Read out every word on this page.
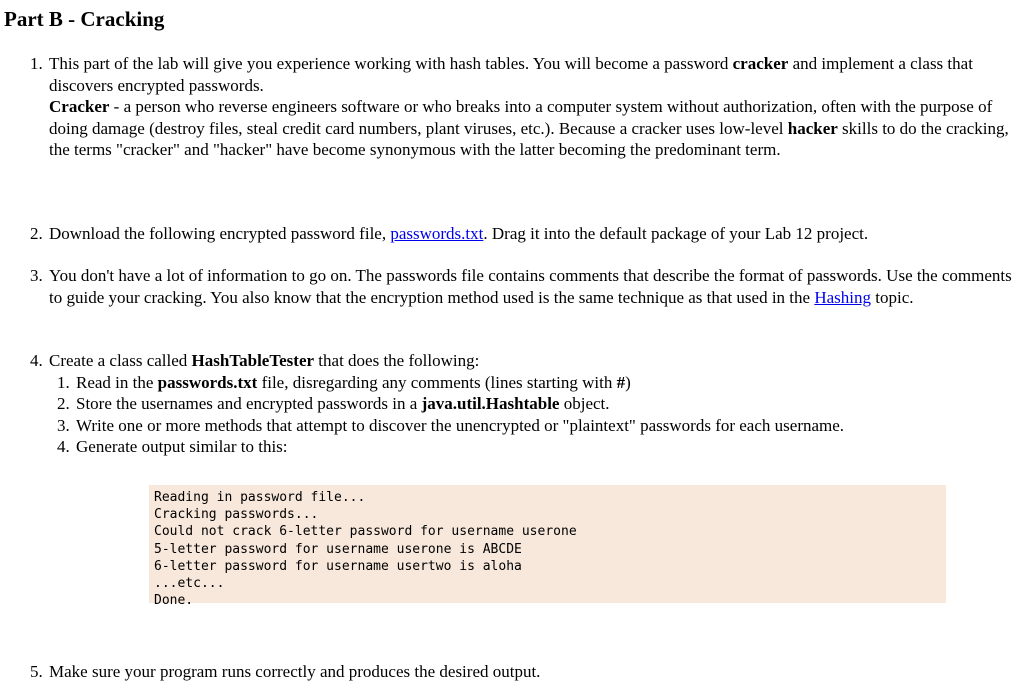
Part B - Cracking
1. This part of the lab will give you experience working with hash tables. You will become a password cracker and implement a class that discovers encrypted passwords.

Cracker - a person who reverse engineers software or who breaks into a computer system without authorization, often with the purpose of doing damage (destroy files, steal credit card numbers, plant viruses, etc.). Because a cracker uses low-level hacker skills to do the cracking, the terms "cracker" and "hacker" have become synonymous with the latter becoming the predominant term.

2. Download the following encrypted password file, passwords.txt. Drag it into the default package of your Lab 12 project.

3. You don't have a lot of information to go on. The passwords file contains comments that describe the format of passwords. Use the comments to guide your cracking. You also know that the encryption method used is the same technique as that used in the Hashing topic.

4. Create a class called HashTableTester that does the following:

1. Read in the passwords.txt file, disregarding any comments (lines starting with #)
2. Store the usernames and encrypted passwords in a java.util.Hashtable object.
3. Write one or more methods that attempt to discover the unencrypted or "plaintext" passwords for each username.
4. Generate output similar to this:
Reading in password file...
Cracking passwords...
Could not crack 6-letter password for username userone
5-letter password for username userone is ABCDE
6-letter password for username usertwo is aloha
...etc...
Done.
5. Make sure your program runs correctly and produces the desired output.
